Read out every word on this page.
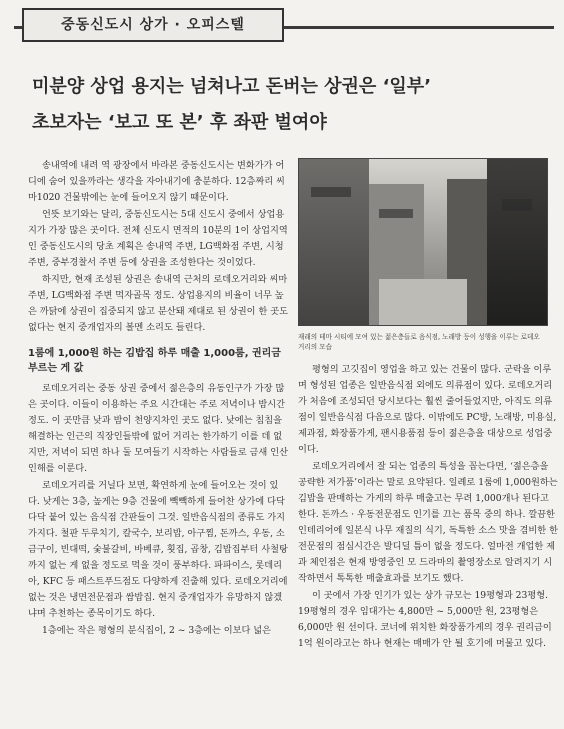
중동신도시 상가 · 오피스텔
미분양 상업 용지는 넘쳐나고 돈버는 상권은 ‘일부’
초보자는 ‘보고 또 본’ 후 좌판 벌여야

송내역에 내려 역 광장에서 바라본 중동신도시는 변화가가 어디에 숨어 있을까라는 생각을 자아내기에 충분하다. 12층짜리 씨마1020 건물밖에는 눈에 들어오지 않기 때문이다.

언뜻 보기와는 달리, 중동신도시는 5대 신도시 중에서 상업용지가 가장 많은 곳이다. 전체 신도시 면적의 10분의 1이 상업지역인 중동신도시의 당초 계획은 송내역 주변, LG백화점 주변, 시청 주변, 중부경찰서 주변 등에 상권을 조성한다는 것이었다.

하지만, 현재 조성된 상권은 송내역 근처의 로데오거리와 씨마 주변, LG백화점 주변 먹자골목 정도. 상업용지의 비율이 너무 높은 까닭에 상권이 집중되지 않고 분산돼 제대로 된 상권이 한 곳도 없다는 현지 중개업자의 볼멘 소리도 들린다.

1룸에 1,000원 하는 김밥집 하루 매출 1,000룸, 권리금 부르는 게 값

로데오거리는 중동 상권 중에서 젊은층의 유동인구가 가장 많은 곳이다. 이들이 이용하는 주요 시간대는 주로 저녁이나 밤시간 정도. 이 곳만큼 낮과 밤이 천양지차인 곳도 없다. 낮에는 침침을 해결하는 인근의 직장인들밖에 없어 거리는 한가하기 이를 데 없지만, 저녁이 되면 하나 둘 모여들기 시작하는 사람들로 금새 인산인해를 이룬다.

로데오거리를 거닐다 보면, 확연하게 눈에 들어오는 것이 있다. 낮게는 3층, 높게는 9층 건물에 빽빽하게 들어찬 상가에 다닥다닥 붙어 있는 음식점 간판들이 그것. 일반음식점의 종류도 가지가지다. 철판 두루치기, 칼국수, 보리밥, 아구찜, 돈까스, 우동, 소금구이, 빈대떡, 숯불갈비, 바베큐, 횟집, 곱창, 김밥집부터 사철탕까지 없는 게 없을 정도로 먹을 것이 풍부하다. 파파이스, 롯데리아, KFC 등 패스트푸드점도 다양하게 진출해 있다. 로데오거리에 없는 것은 냉면전문점과 쌈밥집. 현지 중개업자가 유망하지 않겠냐며 추천하는 종목이기도 하다.

1층에는 작은 평형의 분식집이, 2 ~ 3층에는 이보다 넓은

재래의 테마 시티에 모여 있는 젊은층들로 음식점, 노래방 등이 성행을 이루는 로데오거리의 모습

평형의 고깃집이 영업을 하고 있는 건물이 많다. 군락을 이루며 형성된 업종은 일반음식점 외에도 의류점이 있다. 로데오거리가 처음에 조성되던 당시보다는 훨씬 줄어들었지만, 아직도 의류점이 일반음식점 다음으로 많다. 이밖에도 PC방, 노래방, 미용실, 제과점, 화장품가게, 팬시용품점 등이 젊은층을 대상으로 성업중이다.

로데오거리에서 잘 되는 업종의 특성을 꼽는다면, ‘젊은층을 공략한 저가품’이라는 말로 요약된다. 일례로 1룸에 1,000원하는 김밥을 판매하는 가게의 하루 매출고는 무려 1,000개나 된다고 한다. 돈까스 · 우동전문점도 인기를 끄는 품목 중의 하나. 깔끔한 인테리어에 일본식 나무 재질의 식기, 독특한 소스 맛을 겸비한 한 전문점의 점심시간은 발디딜 틈이 없을 정도다. 얼마전 개업한 제과 체인점은 현재 방영중인 모 드라마의 촬영장소로 알려지기 시작하면서 톡톡한 매출효과를 보기도 했다.

이 곳에서 가장 인기가 있는 상가 규모는 19평형과 23평형. 19평형의 경우 임대가는 4,800만 ~ 5,000만 원, 23평형은 6,000만 원 선이다. 코너에 위치한 화장품가게의 경우 권리금이 1억 원이라고는 하나 현재는 매매가 안 될 호기에 머물고 있다.
